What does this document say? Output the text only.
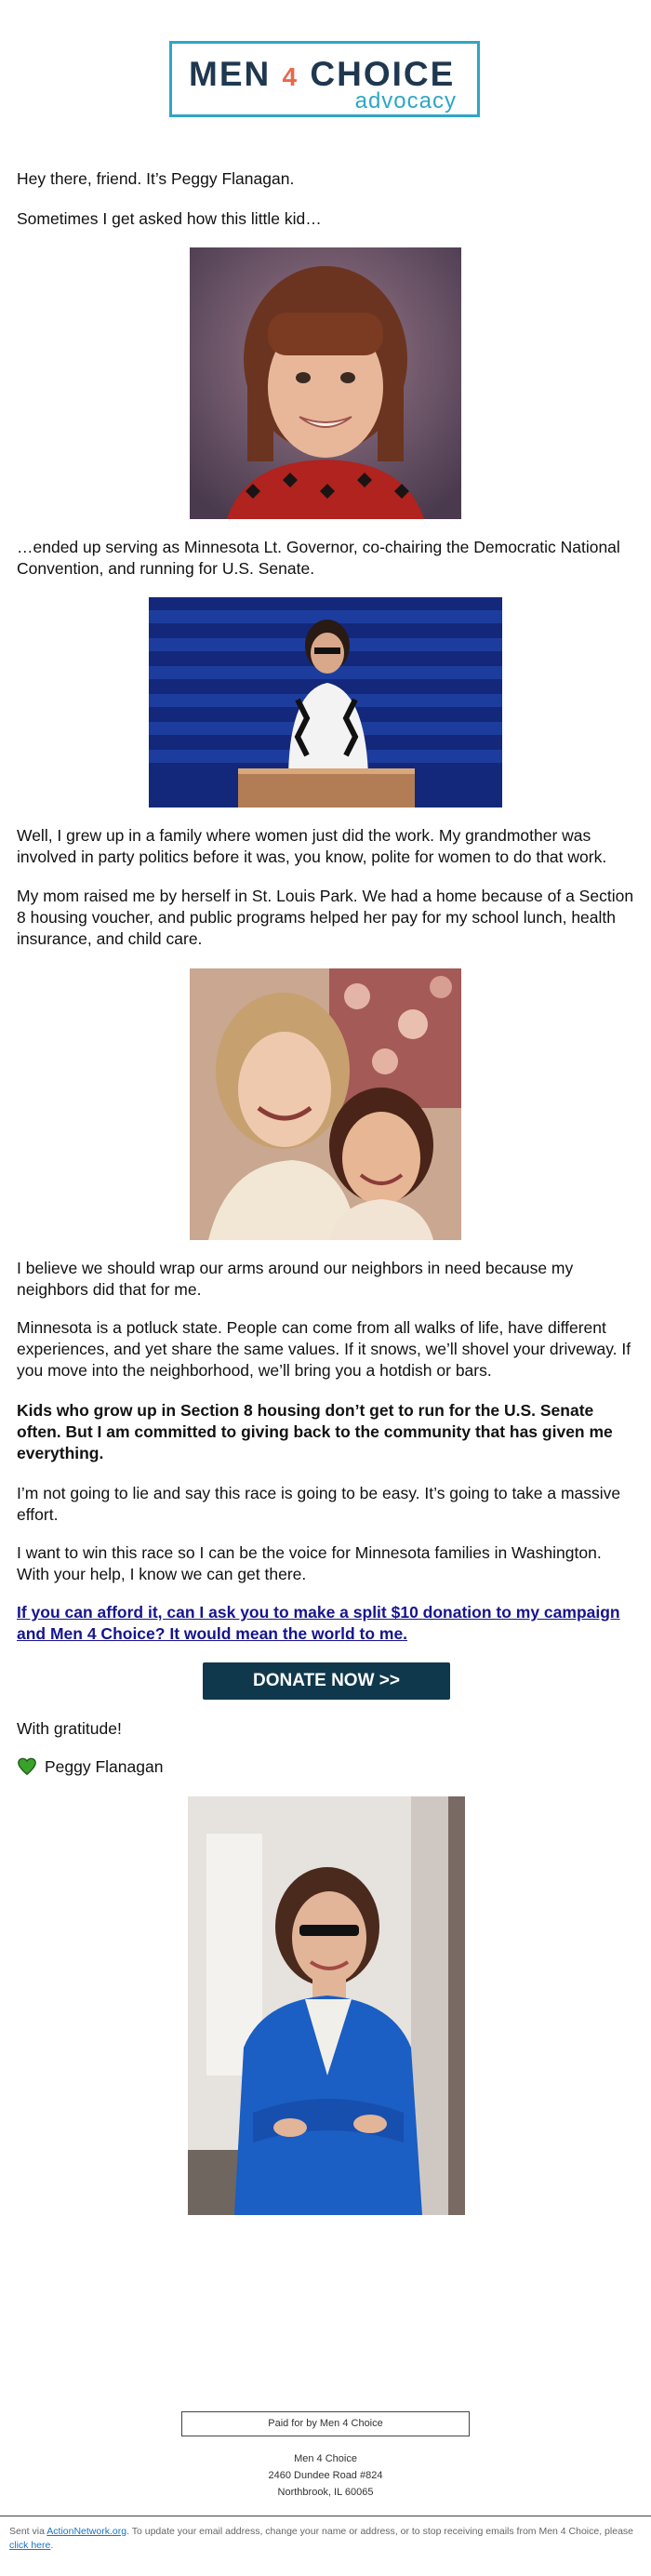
MEN 4 CHOICE
advocacy

Hey there, friend. It’s Peggy Flanagan.

Sometimes I get asked how this little kid…

…ended up serving as Minnesota Lt. Governor, co-chairing the Democratic National Convention, and running for U.S. Senate.

Well, I grew up in a family where women just did the work. My grandmother was involved in party politics before it was, you know, polite for women to do that work.

My mom raised me by herself in St. Louis Park. We had a home because of a Section 8 housing voucher, and public programs helped her pay for my school lunch, health insurance, and child care.

I believe we should wrap our arms around our neighbors in need because my neighbors did that for me.

Minnesota is a potluck state. People can come from all walks of life, have different experiences, and yet share the same values. If it snows, we’ll shovel your driveway. If you move into the neighborhood, we’ll bring you a hotdish or bars.

Kids who grow up in Section 8 housing don’t get to run for the U.S. Senate often. But I am committed to giving back to the community that has given me everything.

I’m not going to lie and say this race is going to be easy. It’s going to take a massive effort.

I want to win this race so I can be the voice for Minnesota families in Washington. With your help, I know we can get there.

If you can afford it, can I ask you to make a split $10 donation to my campaign and Men 4 Choice? It would mean the world to me.

DONATE NOW >>

With gratitude!

Peggy Flanagan

Paid for by Men 4 Choice
Men 4 Choice
2460 Dundee Road #824
Northbrook, IL 60065
Sent via ActionNetwork.org. To update your email address, change your name or address, or to stop receiving emails from Men 4 Choice, please click here.
